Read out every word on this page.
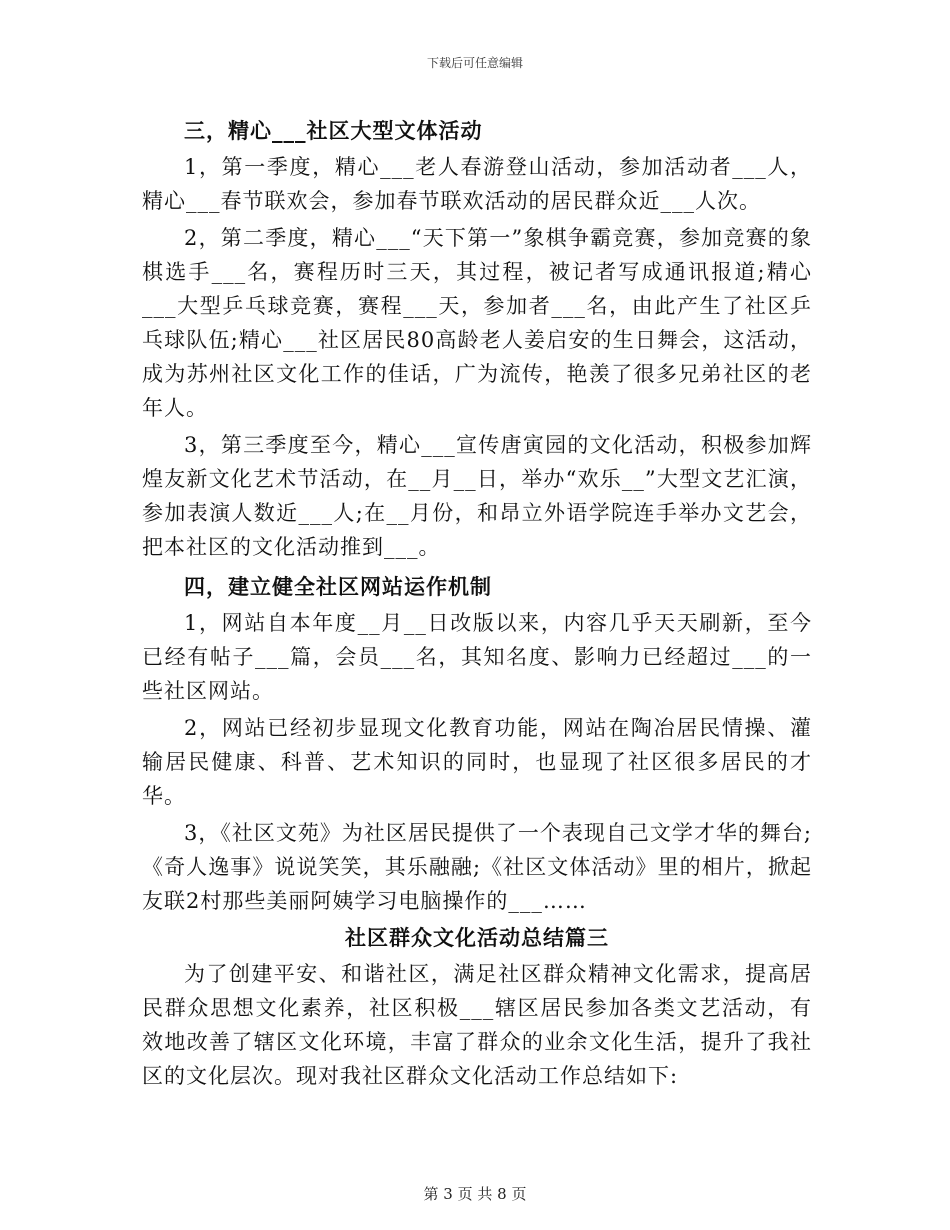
下载后可任意编辑
三，精心___社区大型文体活动

1，第一季度，精心___老人春游登山活动，参加活动者___人，精心___春节联欢会，参加春节联欢活动的居民群众近___人次。

2，第二季度，精心___“天下第一”象棋争霸竞赛，参加竞赛的象棋选手___名，赛程历时三天，其过程，被记者写成通讯报道;精心___大型乒乓球竞赛，赛程___天，参加者___名，由此产生了社区乒乓球队伍;精心___社区居民80高龄老人姜启安的生日舞会，这活动，成为苏州社区文化工作的佳话，广为流传，艳羡了很多兄弟社区的老年人。

3，第三季度至今，精心___宣传唐寅园的文化活动，积极参加辉煌友新文化艺术节活动，在__月__日，举办“欢乐__”大型文艺汇演，参加表演人数近___人;在__月份，和昂立外语学院连手举办文艺会，把本社区的文化活动推到___。

四，建立健全社区网站运作机制

1，网站自本年度__月__日改版以来，内容几乎天天刷新，至今已经有帖子___篇，会员___名，其知名度、影响力已经超过___的一些社区网站。

2，网站已经初步显现文化教育功能，网站在陶冶居民情操、灌输居民健康、科普、艺术知识的同时，也显现了社区很多居民的才华。

3，《社区文苑》为社区居民提供了一个表现自己文学才华的舞台;《奇人逸事》说说笑笑，其乐融融;《社区文体活动》里的相片，掀起友联2村那些美丽阿姨学习电脑操作的___……

社区群众文化活动总结篇三

为了创建平安、和谐社区，满足社区群众精神文化需求，提高居民群众思想文化素养，社区积极___辖区居民参加各类文艺活动，有效地改善了辖区文化环境，丰富了群众的业余文化生活，提升了我社区的文化层次。现对我社区群众文化活动工作总结如下:

第 3 页 共 8 页
